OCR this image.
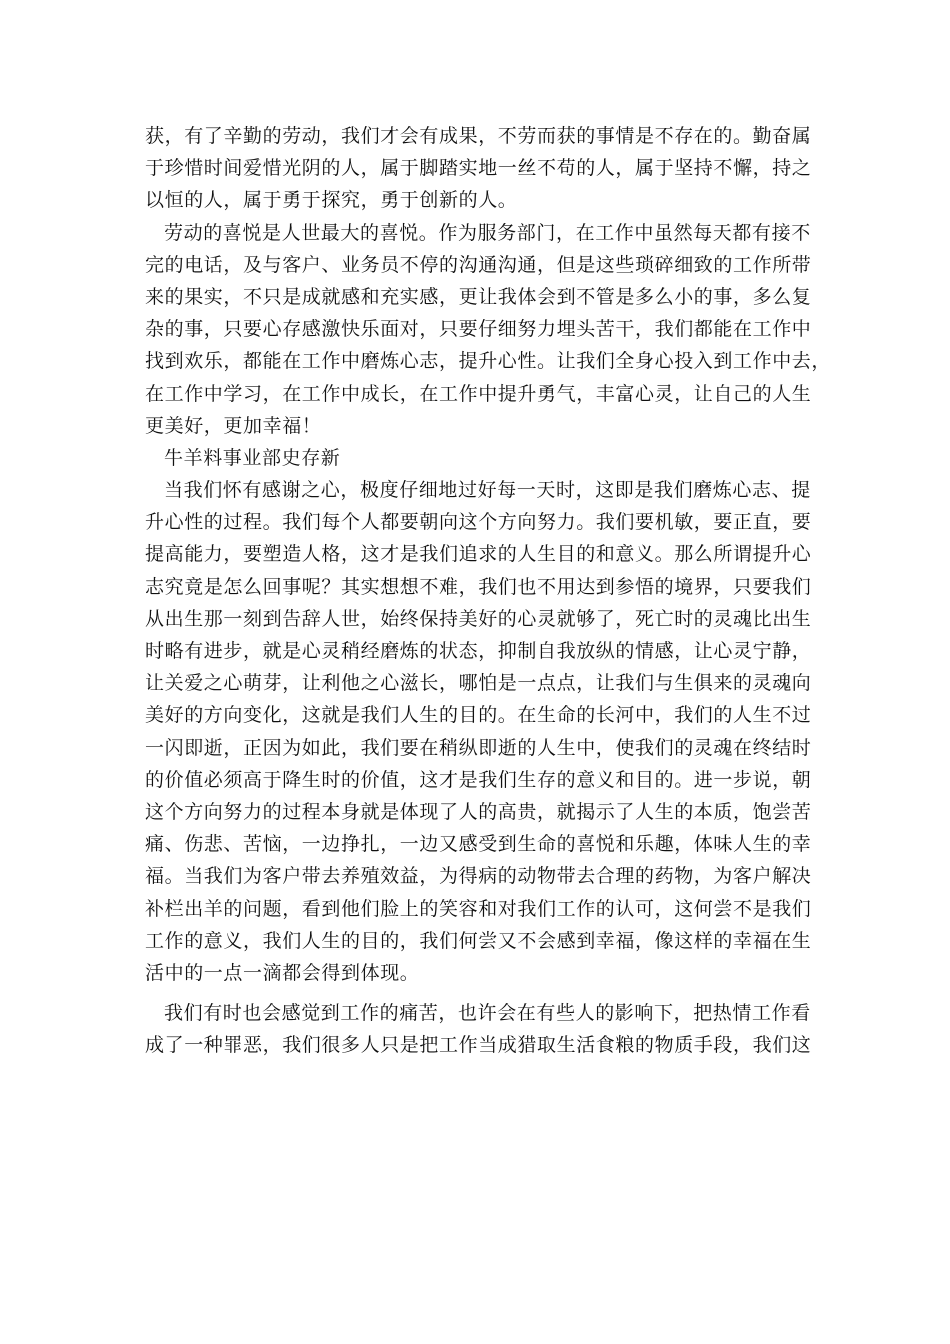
获，有了辛勤的劳动，我们才会有成果，不劳而获的事情是不存在的。勤奋属
于珍惜时间爱惜光阴的人，属于脚踏实地一丝不苟的人，属于坚持不懈，持之
以恒的人，属于勇于探究，勇于创新的人。
劳动的喜悦是人世最大的喜悦。作为服务部门，在工作中虽然每天都有接不
完的电话，及与客户、业务员不停的沟通沟通，但是这些琐碎细致的工作所带
来的果实，不只是成就感和充实感，更让我体会到不管是多么小的事，多么复
杂的事，只要心存感激快乐面对，只要仔细努力埋头苦干，我们都能在工作中
找到欢乐，都能在工作中磨炼心志，提升心性。让我们全身心投入到工作中去，
在工作中学习，在工作中成长，在工作中提升勇气，丰富心灵，让自己的人生
更美好，更加幸福！
牛羊料事业部史存新
当我们怀有感谢之心，极度仔细地过好每一天时，这即是我们磨炼心志、提
升心性的过程。我们每个人都要朝向这个方向努力。我们要机敏，要正直，要
提高能力，要塑造人格，这才是我们追求的人生目的和意义。那么所谓提升心
志究竟是怎么回事呢？其实想想不难，我们也不用达到参悟的境界，只要我们
从出生那一刻到告辞人世，始终保持美好的心灵就够了，死亡时的灵魂比出生
时略有进步，就是心灵稍经磨炼的状态，抑制自我放纵的情感，让心灵宁静，
让关爱之心萌芽，让利他之心滋长，哪怕是一点点，让我们与生俱来的灵魂向
美好的方向变化，这就是我们人生的目的。在生命的长河中，我们的人生不过
一闪即逝，正因为如此，我们要在稍纵即逝的人生中，使我们的灵魂在终结时
的价值必须高于降生时的价值，这才是我们生存的意义和目的。进一步说，朝
这个方向努力的过程本身就是体现了人的高贵，就揭示了人生的本质，饱尝苦
痛、伤悲、苦恼，一边挣扎，一边又感受到生命的喜悦和乐趣，体味人生的幸
福。当我们为客户带去养殖效益，为得病的动物带去合理的药物，为客户解决
补栏出羊的问题，看到他们脸上的笑容和对我们工作的认可，这何尝不是我们
工作的意义，我们人生的目的，我们何尝又不会感到幸福，像这样的幸福在生
活中的一点一滴都会得到体现。
我们有时也会感觉到工作的痛苦，也许会在有些人的影响下，把热情工作看
成了一种罪恶，我们很多人只是把工作当成猎取生活食粮的物质手段，我们这
